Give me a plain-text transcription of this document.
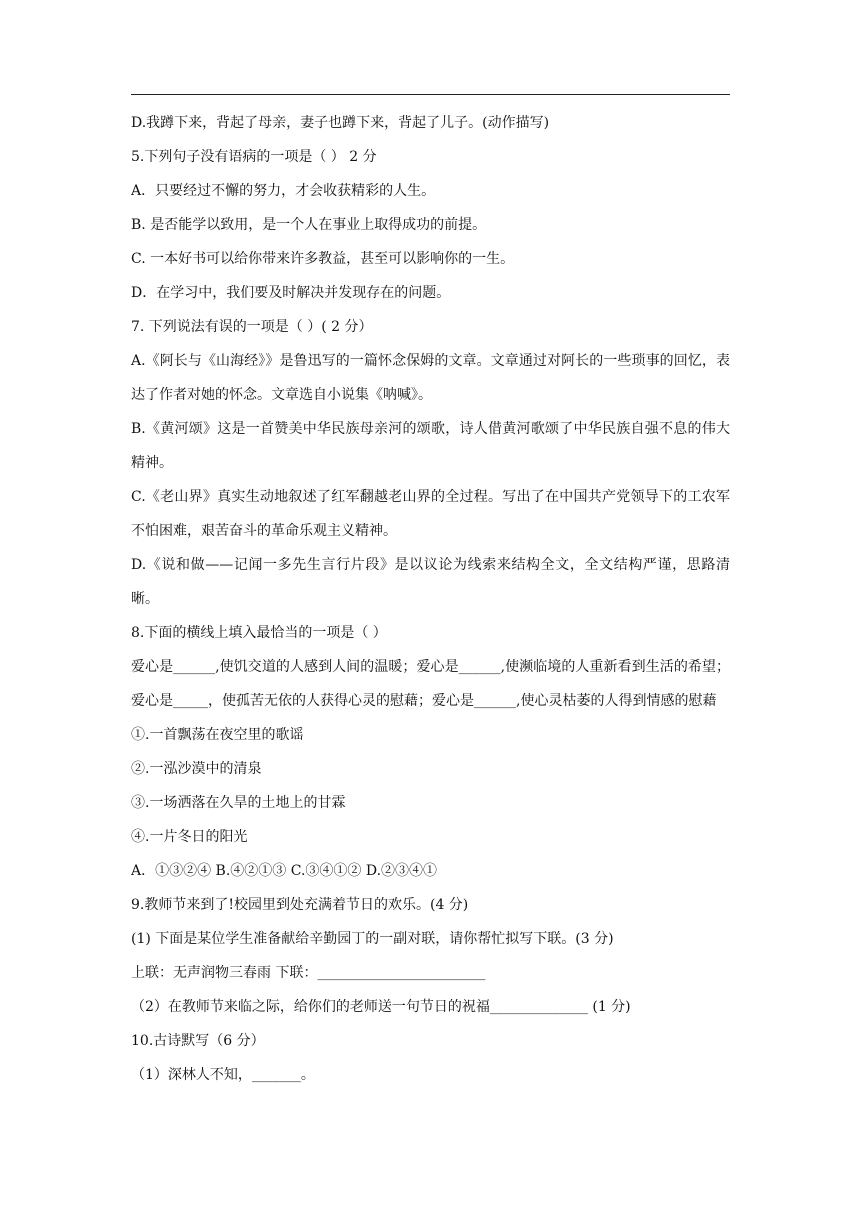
D.我蹲下来，背起了母亲，妻子也蹲下来，背起了儿子。(动作描写)
5.下列句子没有语病的一项是（ ） 2 分
A．只要经过不懈的努力，才会收获精彩的人生。
B. 是否能学以致用，是一个人在事业上取得成功的前提。
C. 一本好书可以给你带来许多教益，甚至可以影响你的一生。
D．在学习中，我们要及时解决并发现存在的问题。
7. 下列说法有误的一项是（ ）( 2 分）
A.《阿长与《山海经》》是鲁迅写的一篇怀念保姆的文章。文章通过对阿长的一些琐事的回忆，表达了作者对她的怀念。文章选自小说集《呐喊》。
B.《黄河颂》这是一首赞美中华民族母亲河的颂歌，诗人借黄河歌颂了中华民族自强不息的伟大精神。
C.《老山界》真实生动地叙述了红军翻越老山界的全过程。写出了在中国共产党领导下的工农军不怕困难，艰苦奋斗的革命乐观主义精神。
D.《说和做——记闻一多先生言行片段》是以议论为线索来结构全文，全文结构严谨，思路清晰。
8.下面的横线上填入最恰当的一项是（ ）
爱心是______,使饥交道的人感到人间的温暖；爱心是______,使濒临境的人重新看到生活的希望；爱心是_____，使孤苦无依的人获得心灵的慰藉；爱心是______,使心灵枯萎的人得到情感的慰藉
①.一首飘荡在夜空里的歌谣
②.一泓沙漠中的清泉
③.一场洒落在久旱的土地上的甘霖
④.一片冬日的阳光
A．①③②④ B.④②①③ C.③④①② D.②③④①
9.教师节来到了!校园里到处充满着节日的欢乐。(4 分)
(1) 下面是某位学生准备献给辛勤园丁的一副对联，请你帮忙拟写下联。(3 分)
上联：无声润物三春雨 下联：________________________
（2）在教师节来临之际，给你们的老师送一句节日的祝福______________ (1 分)
10.古诗默写（6 分）
（1）深林人不知，_______。
